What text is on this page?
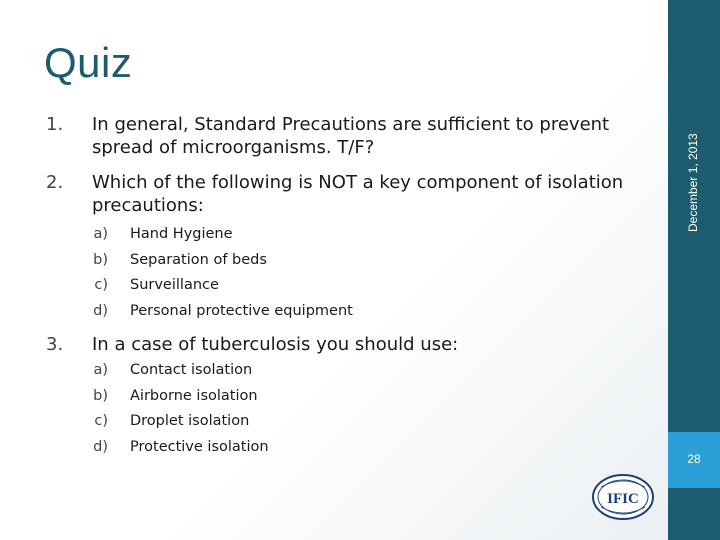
Quiz
1.	In general, Standard Precautions are sufficient to prevent
spread of microorganisms. T/F?
2.	Which of the following is NOT a key component of isolation
precautions:
a) Hand Hygiene
b) Separation of beds
c) Surveillance
d) Personal protective equipment
3.	In a case of tuberculosis you should use:
a) Contact isolation
b) Airborne isolation
c) Droplet isolation
d) Protective isolation
December 1, 2013
28
IFIC
